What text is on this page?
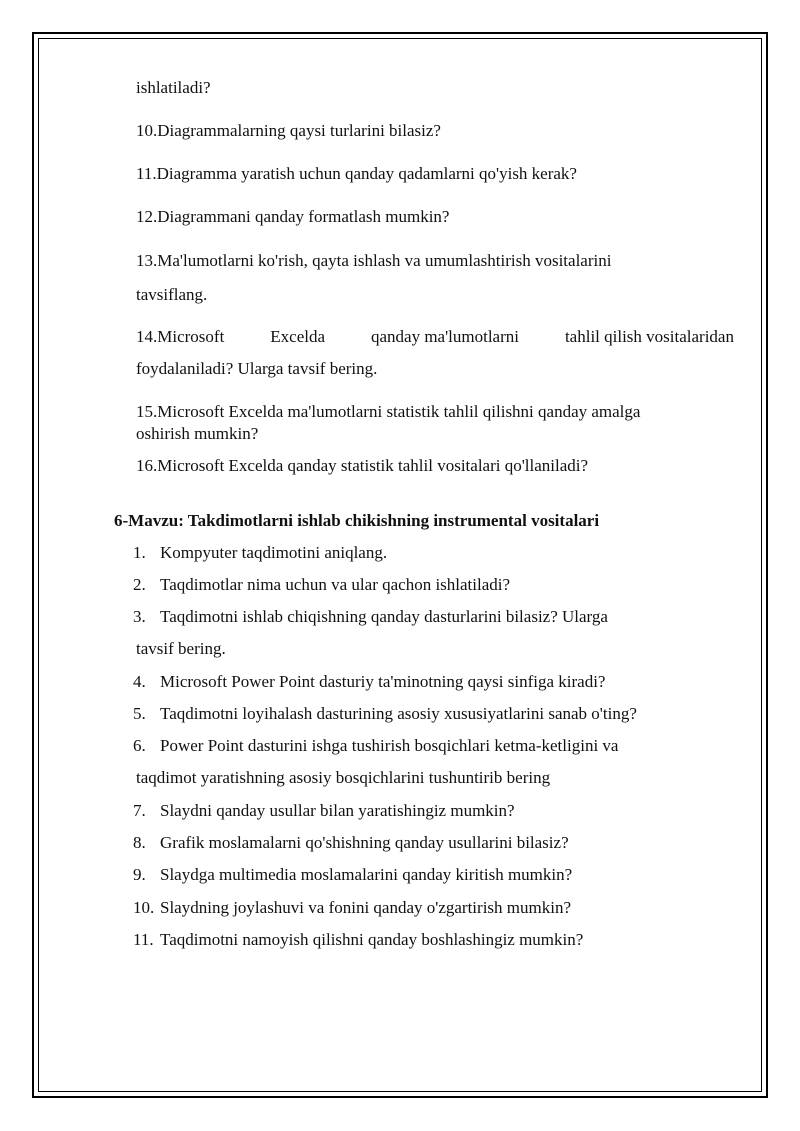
ishlatiladi?
10.Diagrammalarning qaysi turlarini bilasiz?
11.Diagramma yaratish uchun qanday qadamlarni qo'yish kerak?
12.Diagrammani qanday formatlash mumkin?
13.Ma'lumotlarni ko'rish, qayta ishlash va umumlashtirish vositalarini
tavsiflang.
14.Microsoft	Excelda	qanday ma'lumotlarni	tahlil qilish vositalaridan
foydalaniladi? Ularga tavsif bering.
15.Microsoft Excelda ma'lumotlarni statistik tahlil qilishni qanday amalga
oshirish mumkin?
16.Microsoft Excelda qanday statistik tahlil vositalari qo'llaniladi?
6-Mavzu: Takdimotlarni ishlab chikishning instrumental vositalari
1. Kompyuter taqdimotini aniqlang.
2. Taqdimotlar nima uchun va ular qachon ishlatiladi?
3. Taqdimotni ishlab chiqishning qanday dasturlarini bilasiz? Ularga
tavsif bering.
4. Microsoft Power Point dasturiy ta'minotning qaysi sinfiga kiradi?
5. Taqdimotni loyihalash dasturining asosiy xususiyatlarini sanab o'ting?
6. Power Point dasturini ishga tushirish bosqichlari ketma-ketligini va
taqdimot yaratishning asosiy bosqichlarini tushuntirib bering
7. Slaydni qanday usullar bilan yaratishingiz mumkin?
8. Grafik moslamalarni qo'shishning qanday usullarini bilasiz?
9. Slaydga multimedia moslamalarini qanday kiritish mumkin?
10. Slaydning joylashuvi va fonini qanday o'zgartirish mumkin?
11. Taqdimotni namoyish qilishni qanday boshlashingiz mumkin?
